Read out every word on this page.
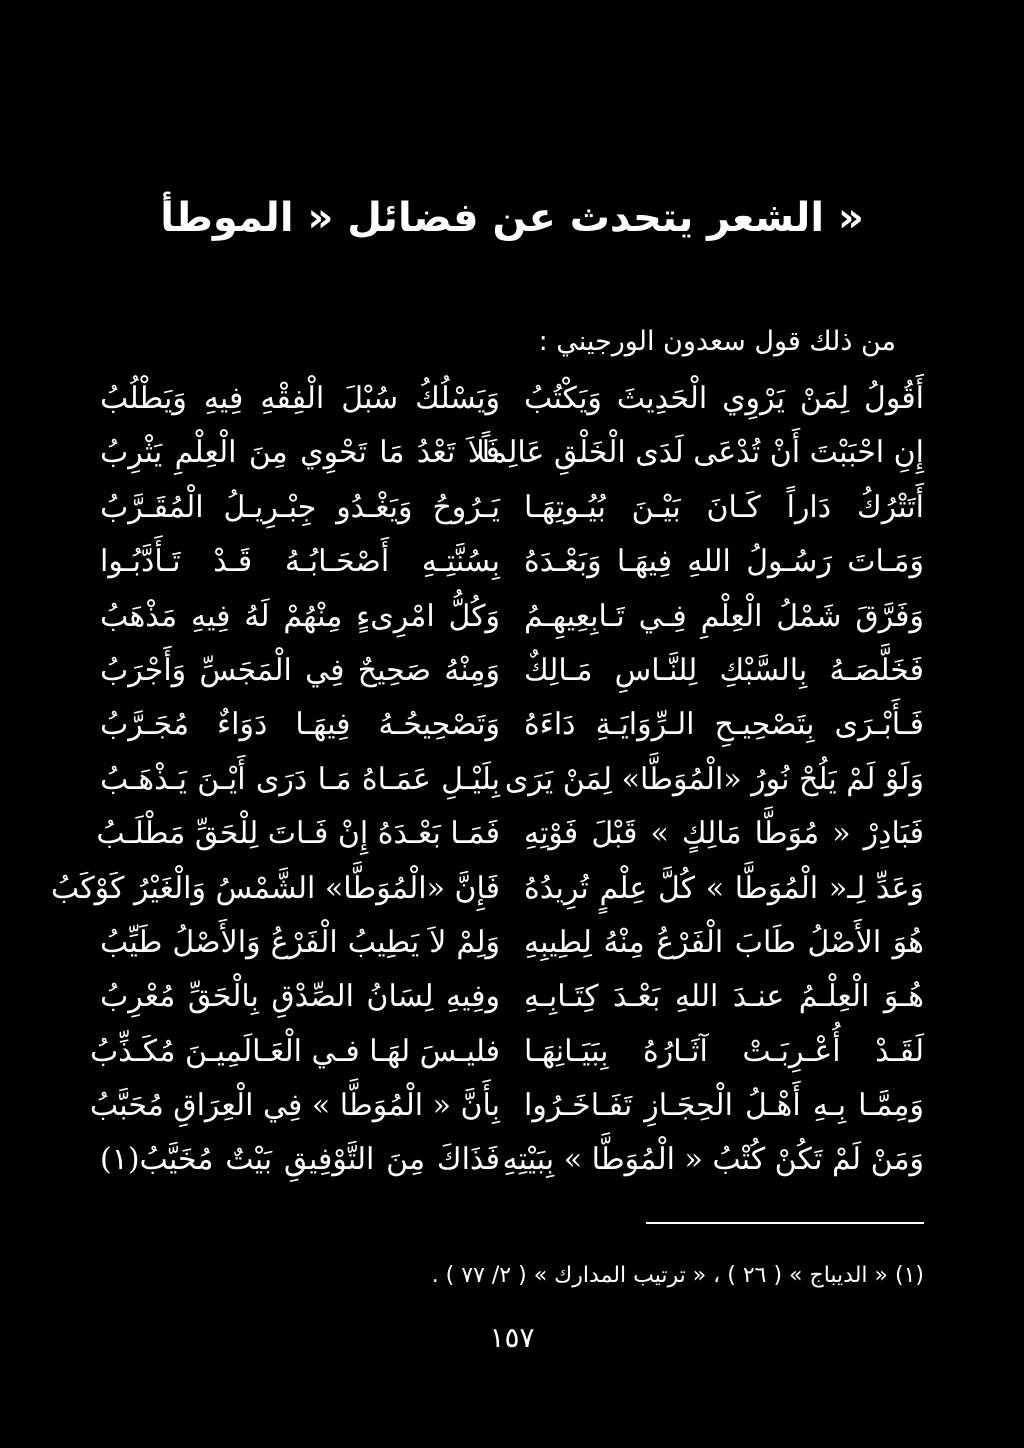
« الشعر يتحدث عن فضائل « الموطأ
من ذلك قول سعدون الورجيني :
أَقُولُ لِمَنْ يَرْوِي الْحَدِيثَ وَيَكْتُبُ
وَيَسْلُكُ سُبْلَ الْفِقْهِ فِيهِ وَيَطْلُبُ
إِنِ احْبَبْتَ أَنْ تُدْعَى لَدَى الْخَلْقِ عَالِماً
فَلاَ تَعْدُ مَا تَحْوِي مِنَ الْعِلْمِ يَثْرِبُ
أَتَتْرُكُ دَاراً كَـانَ بَيْـنَ بُيُـوتِهَـا
يَـرُوحُ وَيَغْـدُو جِبْـرِيـلُ الْمُقَـرَّبُ
وَمَـاتَ رَسُـولُ اللهِ فِيهَـا وَبَعْـدَهُ
بِسُنَّتِـهِ أَصْحَـابُـهُ قَـدْ تَـأَدَّبُـوا
وَفَرَّقَ شَمْلُ الْعِلْمِ فِـي تَـابِعِيهِـمُ
وَكُلُّ امْرِىءٍ مِنْهُمْ لَهُ فِيهِ مَذْهَبُ
فَخَلَّصَـهُ بِالسَّبْكِ لِلنَّـاسِ مَـالِكٌ
وَمِنْهُ صَحِيحٌ فِي الْمَجَسِّ وَأَجْرَبُ
فَـأَبْـرَى بِتَصْحِيـحِ الـرِّوَايَـةِ دَاءَهُ
وَتَصْحِيحُـهُ فِيهَـا دَوَاءٌ مُجَـرَّبُ
وَلَوْ لَمْ يَلُحْ نُورُ «الْمُوَطَّا» لِمَنْ يَرَى
بِلَيْـلِ عَمَـاهُ مَـا دَرَى أَيْـنَ يَـذْهَـبُ
فَبَادِرْ « مُوَطَّا مَالِكٍ » قَبْلَ فَوْتِهِ
فَمَـا بَعْـدَهُ إِنْ فَـاتَ لِلْحَقِّ مَطْلَـبُ
وَعَدِّ لِـ« الْمُوَطَّا » كُلَّ عِلْمٍ تُرِيدُهُ
فَإِنَّ «الْمُوَطَّا» الشَّمْسُ وَالْغَيْرُ كَوْكَبُ
هُوَ الأَصْلُ طَابَ الْفَرْعُ مِنْهُ لِطِيبِهِ
وَلِمْ لاَ يَطِيبُ الْفَرْعُ وَالأَصْلُ طَيِّبُ
هُـوَ الْعِلْـمُ عنـدَ اللهِ بَعْـدَ كِتَـابِـهِ
وفِيهِ لِسَانُ الصِّدْقِ بِالْحَقِّ مُعْرِبُ
لَقَـدْ أُعْـرِبَـتْ آثَـارُهُ بِبَيَـانِهَـا
فليـسَ لهَـا فـي الْعَـالَمِيـنَ مُكَـذِّبُ
وَمِمَّـا بِـهِ أَهْـلُ الْحِجَـازِ تَفَـاخَـرُوا
بِأَنَّ « الْمُوَطَّا » فِي الْعِرَاقِ مُحَبَّبُ
وَمَنْ لَمْ تَكُنْ كُتْبُ « الْمُوَطَّا » بِبَيْتِهِ
فَذَاكَ مِنَ التَّوْفِيقِ بَيْتٌ مُخَيَّبُ(١)
(١) « الديباج » ( ٢٦ ) ، « ترتيب المدارك » ( ٢/ ٧٧ ) .
١٥٧
